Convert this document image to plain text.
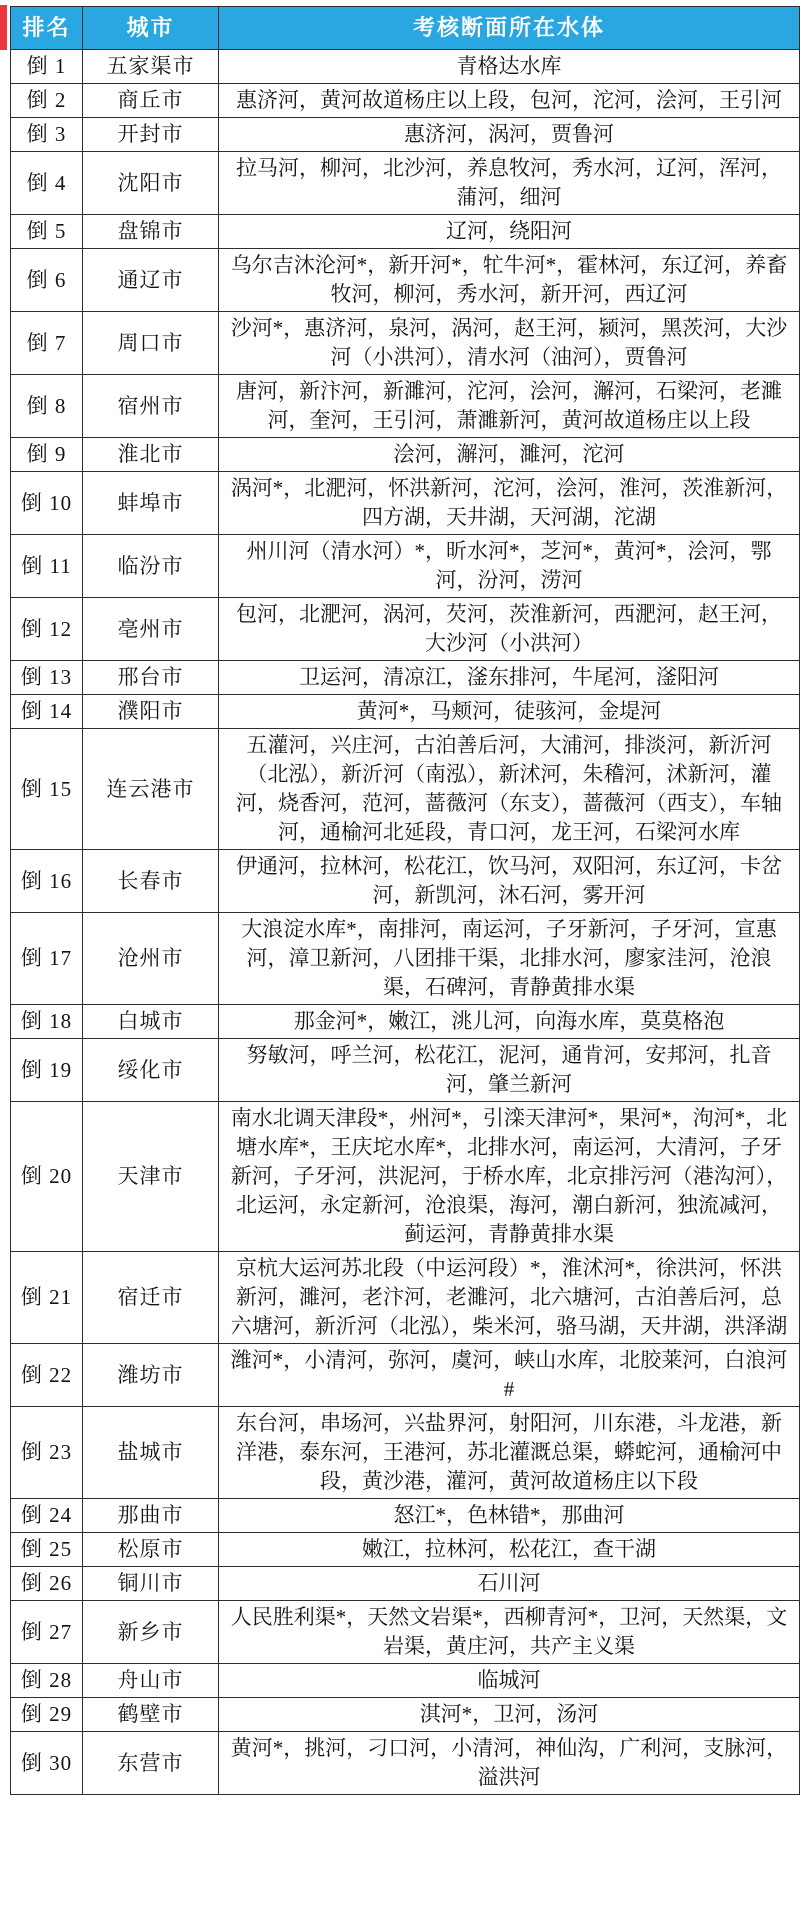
排名	城市	考核断面所在水体
倒 1	五家渠市	青格达水库
倒 2	商丘市	惠济河，黄河故道杨庄以上段，包河，沱河，浍河，王引河
倒 3	开封市	惠济河，涡河，贾鲁河
倒 4	沈阳市	拉马河，柳河，北沙河，养息牧河，秀水河，辽河，浑河，蒲河，细河
倒 5	盘锦市	辽河，绕阳河
倒 6	通辽市	乌尔吉沐沦河*，新开河*，牤牛河*，霍林河，东辽河，养畜牧河，柳河，秀水河，新开河，西辽河
倒 7	周口市	沙河*，惠济河，泉河，涡河，赵王河，颍河，黑茨河，大沙河（小洪河），清水河（油河），贾鲁河
倒 8	宿州市	唐河，新汴河，新濉河，沱河，浍河，澥河，石梁河，老濉河，奎河，王引河，萧濉新河，黄河故道杨庄以上段
倒 9	淮北市	浍河，澥河，濉河，沱河
倒 10	蚌埠市	涡河*，北淝河，怀洪新河，沱河，浍河，淮河，茨淮新河，四方湖，天井湖，天河湖，沱湖
倒 11	临汾市	州川河（清水河）*，昕水河*，芝河*，黄河*，浍河，鄂河，汾河，涝河
倒 12	亳州市	包河，北淝河，涡河，芡河，茨淮新河，西淝河，赵王河，大沙河（小洪河）
倒 13	邢台市	卫运河，清凉江，滏东排河，牛尾河，滏阳河
倒 14	濮阳市	黄河*，马颊河，徒骇河，金堤河
倒 15	连云港市	五灌河，兴庄河，古泊善后河，大浦河，排淡河，新沂河（北泓），新沂河（南泓），新沭河，朱稽河，沭新河，灌河，烧香河，范河，蔷薇河（东支），蔷薇河（西支），车轴河，通榆河北延段，青口河，龙王河，石梁河水库
倒 16	长春市	伊通河，拉林河，松花江，饮马河，双阳河，东辽河，卡岔河，新凯河，沐石河，雾开河
倒 17	沧州市	大浪淀水库*，南排河，南运河，子牙新河，子牙河，宣惠河，漳卫新河，八团排干渠，北排水河，廖家洼河，沧浪渠，石碑河，青静黄排水渠
倒 18	白城市	那金河*，嫩江，洮儿河，向海水库，莫莫格泡
倒 19	绥化市	努敏河，呼兰河，松花江，泥河，通肯河，安邦河，扎音河，肇兰新河
倒 20	天津市	南水北调天津段*，州河*，引滦天津河*，果河*，泃河*，北塘水库*，王庆坨水库*，北排水河，南运河，大清河，子牙新河，子牙河，洪泥河，于桥水库，北京排污河（港沟河），北运河，永定新河，沧浪渠，海河，潮白新河，独流减河，蓟运河，青静黄排水渠
倒 21	宿迁市	京杭大运河苏北段（中运河段）*，淮沭河*，徐洪河，怀洪新河，濉河，老汴河，老濉河，北六塘河，古泊善后河，总六塘河，新沂河（北泓），柴米河，骆马湖，天井湖，洪泽湖
倒 22	潍坊市	潍河*，小清河，弥河，虞河，峡山水库，北胶莱河，白浪河#
倒 23	盐城市	东台河，串场河，兴盐界河，射阳河，川东港，斗龙港，新洋港，泰东河，王港河，苏北灌溉总渠，蟒蛇河，通榆河中段，黄沙港，灌河，黄河故道杨庄以下段
倒 24	那曲市	怒江*，色林错*，那曲河
倒 25	松原市	嫩江，拉林河，松花江，查干湖
倒 26	铜川市	石川河
倒 27	新乡市	人民胜利渠*，天然文岩渠*，西柳青河*，卫河，天然渠，文岩渠，黄庄河，共产主义渠
倒 28	舟山市	临城河
倒 29	鹤壁市	淇河*，卫河，汤河
倒 30	东营市	黄河*，挑河，刁口河，小清河，神仙沟，广利河，支脉河，溢洪河
